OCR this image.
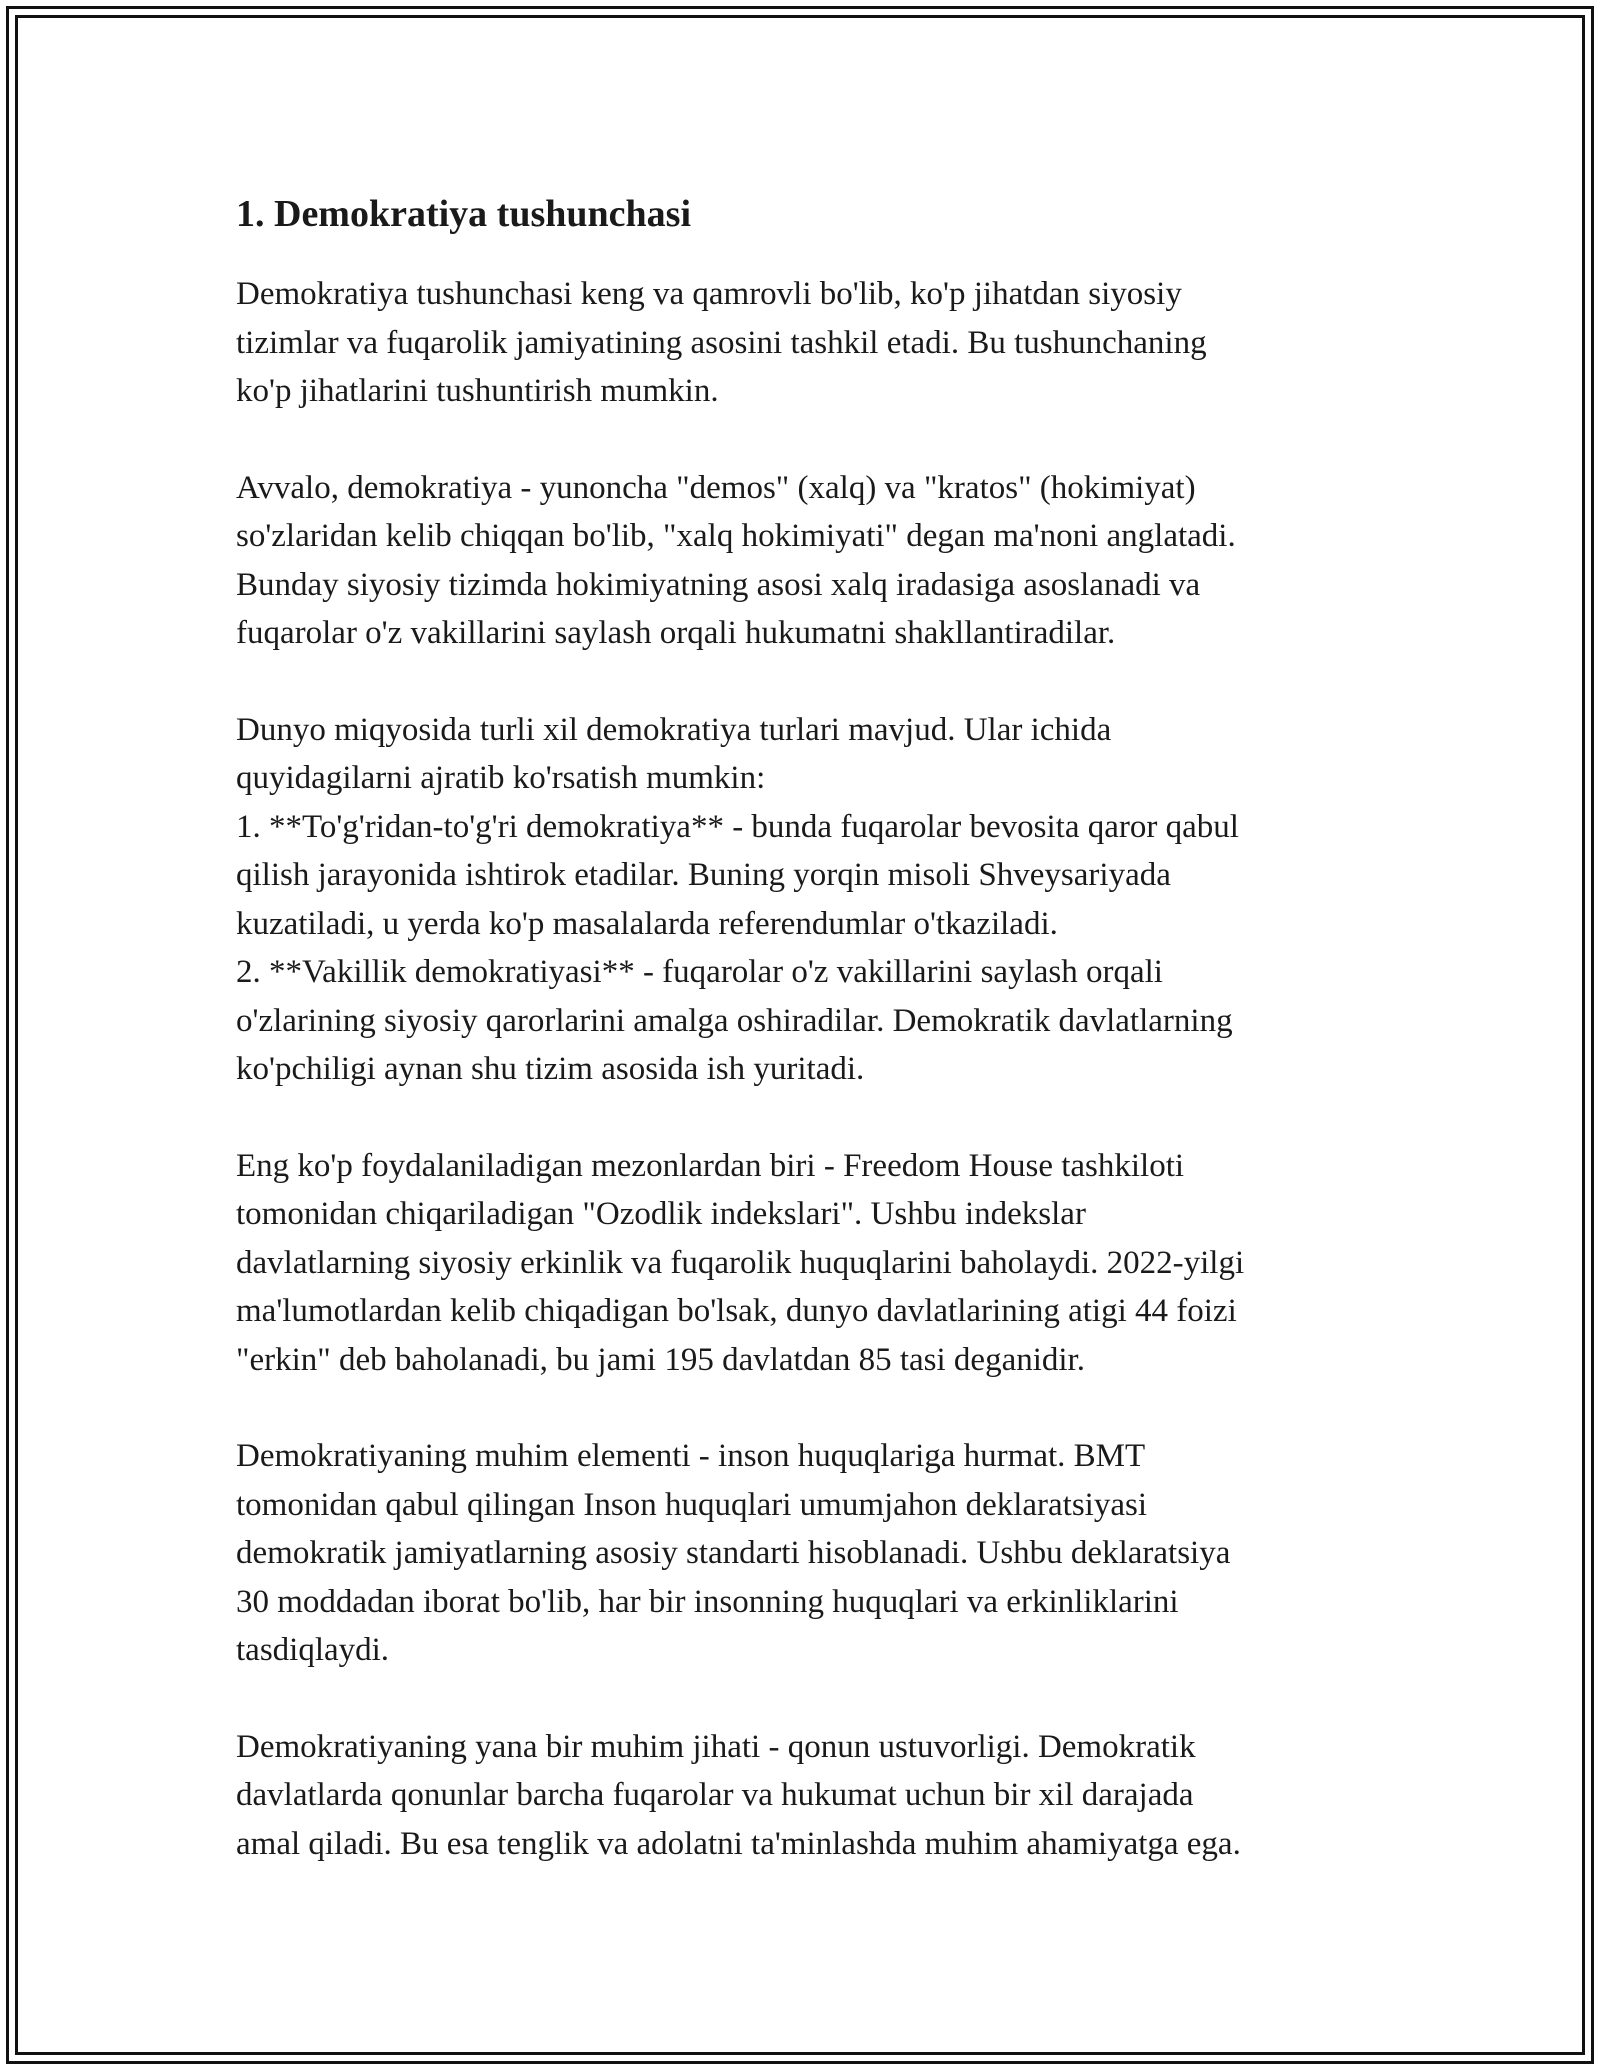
1. Demokratiya tushunchasi

Demokratiya tushunchasi keng va qamrovli bo'lib, ko'p jihatdan siyosiy
tizimlar va fuqarolik jamiyatining asosini tashkil etadi. Bu tushunchaning
ko'p jihatlarini tushuntirish mumkin.

Avvalo, demokratiya - yunoncha "demos" (xalq) va "kratos" (hokimiyat)
so'zlaridan kelib chiqqan bo'lib, "xalq hokimiyati" degan ma'noni anglatadi.
Bunday siyosiy tizimda hokimiyatning asosi xalq iradasiga asoslanadi va
fuqarolar o'z vakillarini saylash orqali hukumatni shakllantiradilar.

Dunyo miqyosida turli xil demokratiya turlari mavjud. Ular ichida
quyidagilarni ajratib ko'rsatish mumkin:
1. **To'g'ridan-to'g'ri demokratiya** - bunda fuqarolar bevosita qaror qabul
qilish jarayonida ishtirok etadilar. Buning yorqin misoli Shveysariyada
kuzatiladi, u yerda ko'p masalalarda referendumlar o'tkaziladi.
2. **Vakillik demokratiyasi** - fuqarolar o'z vakillarini saylash orqali
o'zlarining siyosiy qarorlarini amalga oshiradilar. Demokratik davlatlarning
ko'pchiligi aynan shu tizim asosida ish yuritadi.

Eng ko'p foydalaniladigan mezonlardan biri - Freedom House tashkiloti
tomonidan chiqariladigan "Ozodlik indekslari". Ushbu indekslar
davlatlarning siyosiy erkinlik va fuqarolik huquqlarini baholaydi. 2022-yilgi
ma'lumotlardan kelib chiqadigan bo'lsak, dunyo davlatlarining atigi 44 foizi
"erkin" deb baholanadi, bu jami 195 davlatdan 85 tasi deganidir.

Demokratiyaning muhim elementi - inson huquqlariga hurmat. BMT
tomonidan qabul qilingan Inson huquqlari umumjahon deklaratsiyasi
demokratik jamiyatlarning asosiy standarti hisoblanadi. Ushbu deklaratsiya
30 moddadan iborat bo'lib, har bir insonning huquqlari va erkinliklarini
tasdiqlaydi.

Demokratiyaning yana bir muhim jihati - qonun ustuvorligi. Demokratik
davlatlarda qonunlar barcha fuqarolar va hukumat uchun bir xil darajada
amal qiladi. Bu esa tenglik va adolatni ta'minlashda muhim ahamiyatga ega.
